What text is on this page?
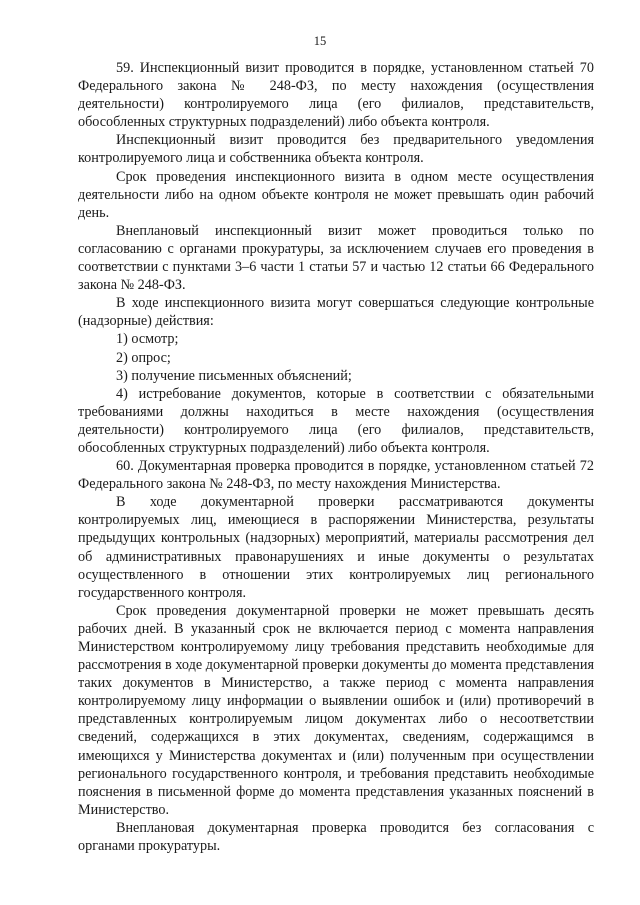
15

59. Инспекционный визит проводится в порядке, установленном статьей 70 Федерального закона № 248-ФЗ, по месту нахождения (осуществления деятельности) контролируемого лица (его филиалов, представительств, обособленных структурных подразделений) либо объекта контроля.

Инспекционный визит проводится без предварительного уведомления контролируемого лица и собственника объекта контроля.

Срок проведения инспекционного визита в одном месте осуществления деятельности либо на одном объекте контроля не может превышать один рабочий день.

Внеплановый инспекционный визит может проводиться только по согласованию с органами прокуратуры, за исключением случаев его проведения в соответствии с пунктами 3–6 части 1 статьи 57 и частью 12 статьи 66 Федерального закона № 248-ФЗ.

В ходе инспекционного визита могут совершаться следующие контрольные (надзорные) действия:

1) осмотр;

2) опрос;

3) получение письменных объяснений;

4) истребование документов, которые в соответствии с обязательными требованиями должны находиться в месте нахождения (осуществления деятельности) контролируемого лица (его филиалов, представительств, обособленных структурных подразделений) либо объекта контроля.

60. Документарная проверка проводится в порядке, установленном статьей 72 Федерального закона № 248-ФЗ, по месту нахождения Министерства.

В ходе документарной проверки рассматриваются документы контролируемых лиц, имеющиеся в распоряжении Министерства, результаты предыдущих контрольных (надзорных) мероприятий, материалы рассмотрения дел об административных правонарушениях и иные документы о результатах осуществленного в отношении этих контролируемых лиц регионального государственного контроля.

Срок проведения документарной проверки не может превышать десять рабочих дней. В указанный срок не включается период с момента направления Министерством контролируемому лицу требования представить необходимые для рассмотрения в ходе документарной проверки документы до момента представления таких документов в Министерство, а также период с момента направления контролируемому лицу информации о выявлении ошибок и (или) противоречий в представленных контролируемым лицом документах либо о несоответствии сведений, содержащихся в этих документах, сведениям, содержащимся в имеющихся у Министерства документах и (или) полученным при осуществлении регионального государственного контроля, и требования представить необходимые пояснения в письменной форме до момента представления указанных пояснений в Министерство.

Внеплановая документарная проверка проводится без согласования с органами прокуратуры.
